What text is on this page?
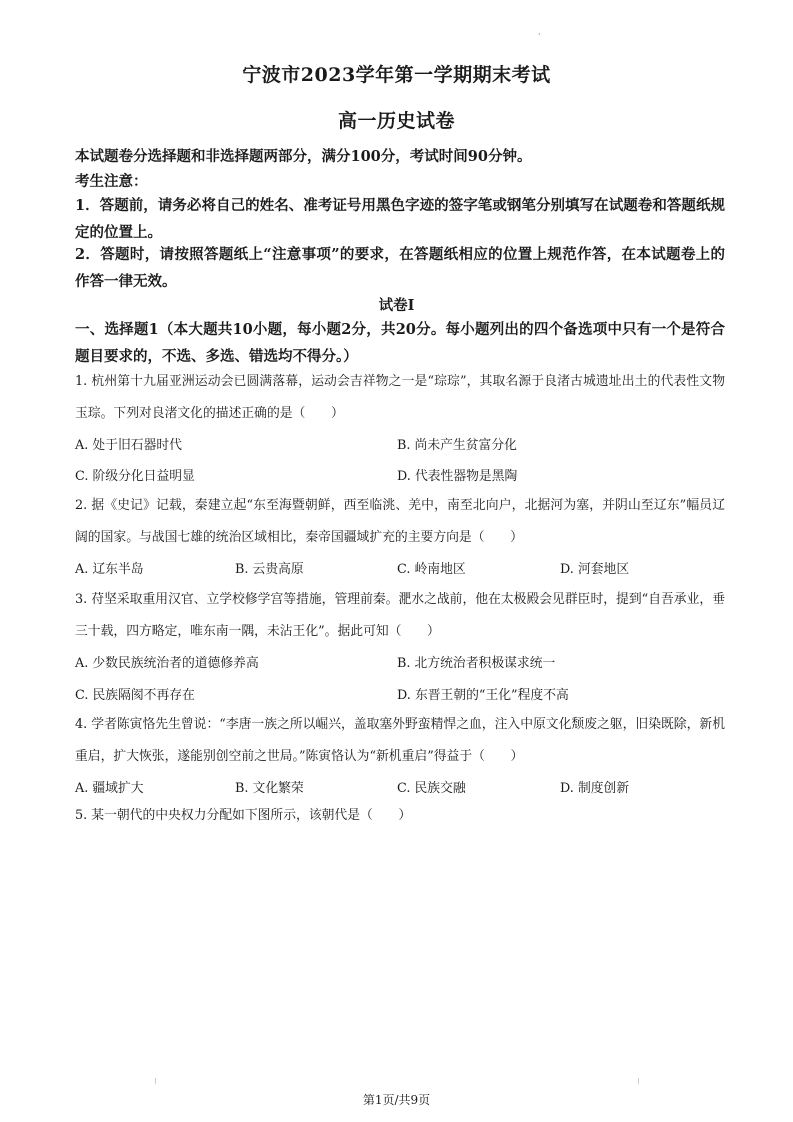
·
宁波市2023学年第一学期期末考试
高一历史试卷
本试题卷分选择题和非选择题两部分，满分100分，考试时间90分钟。
考生注意：
1．答题前，请务必将自己的姓名、准考证号用黑色字迹的签字笔或钢笔分别填写在试题卷和答题纸规定的位置上。
2．答题时，请按照答题纸上“注意事项”的要求，在答题纸相应的位置上规范作答，在本试题卷上的作答一律无效。
试卷Ⅰ
一、选择题1（本大题共10小题，每小题2分，共20分。每小题列出的四个备选项中只有一个是符合题目要求的，不选、多选、错选均不得分。）
1. 杭州第十九届亚洲运动会已圆满落幕，运动会吉祥物之一是“琮琮”，其取名源于良渚古城遗址出土的代表性文物玉琮。下列对良渚文化的描述正确的是（　　）
A. 处于旧石器时代	B. 尚未产生贫富分化
C. 阶级分化日益明显	D. 代表性器物是黑陶
2. 据《史记》记载，秦建立起“东至海暨朝鲜，西至临洮、羌中，南至北向户，北据河为塞，并阴山至辽东”幅员辽阔的国家。与战国七雄的统治区域相比，秦帝国疆域扩充的主要方向是（　　）
A. 辽东半岛	B. 云贵高原	C. 岭南地区	D. 河套地区
3. 苻坚采取重用汉官、立学校修学宫等措施，管理前秦。淝水之战前，他在太极殿会见群臣时，提到“自吾承业，垂三十载，四方略定，唯东南一隅，未沾王化”。据此可知（　　）
A. 少数民族统治者的道德修养高	B. 北方统治者积极谋求统一
C. 民族隔阂不再存在	D. 东晋王朝的“王化”程度不高
4. 学者陈寅恪先生曾说：“李唐一族之所以崛兴，盖取塞外野蛮精悍之血，注入中原文化颓废之躯，旧染既除，新机重启，扩大恢张，遂能别创空前之世局。”陈寅恪认为“新机重启”得益于（　　）
A. 疆域扩大	B. 文化繁荣	C. 民族交融	D. 制度创新
5. 某一朝代的中央权力分配如下图所示，该朝代是（　　）
第1页/共9页
